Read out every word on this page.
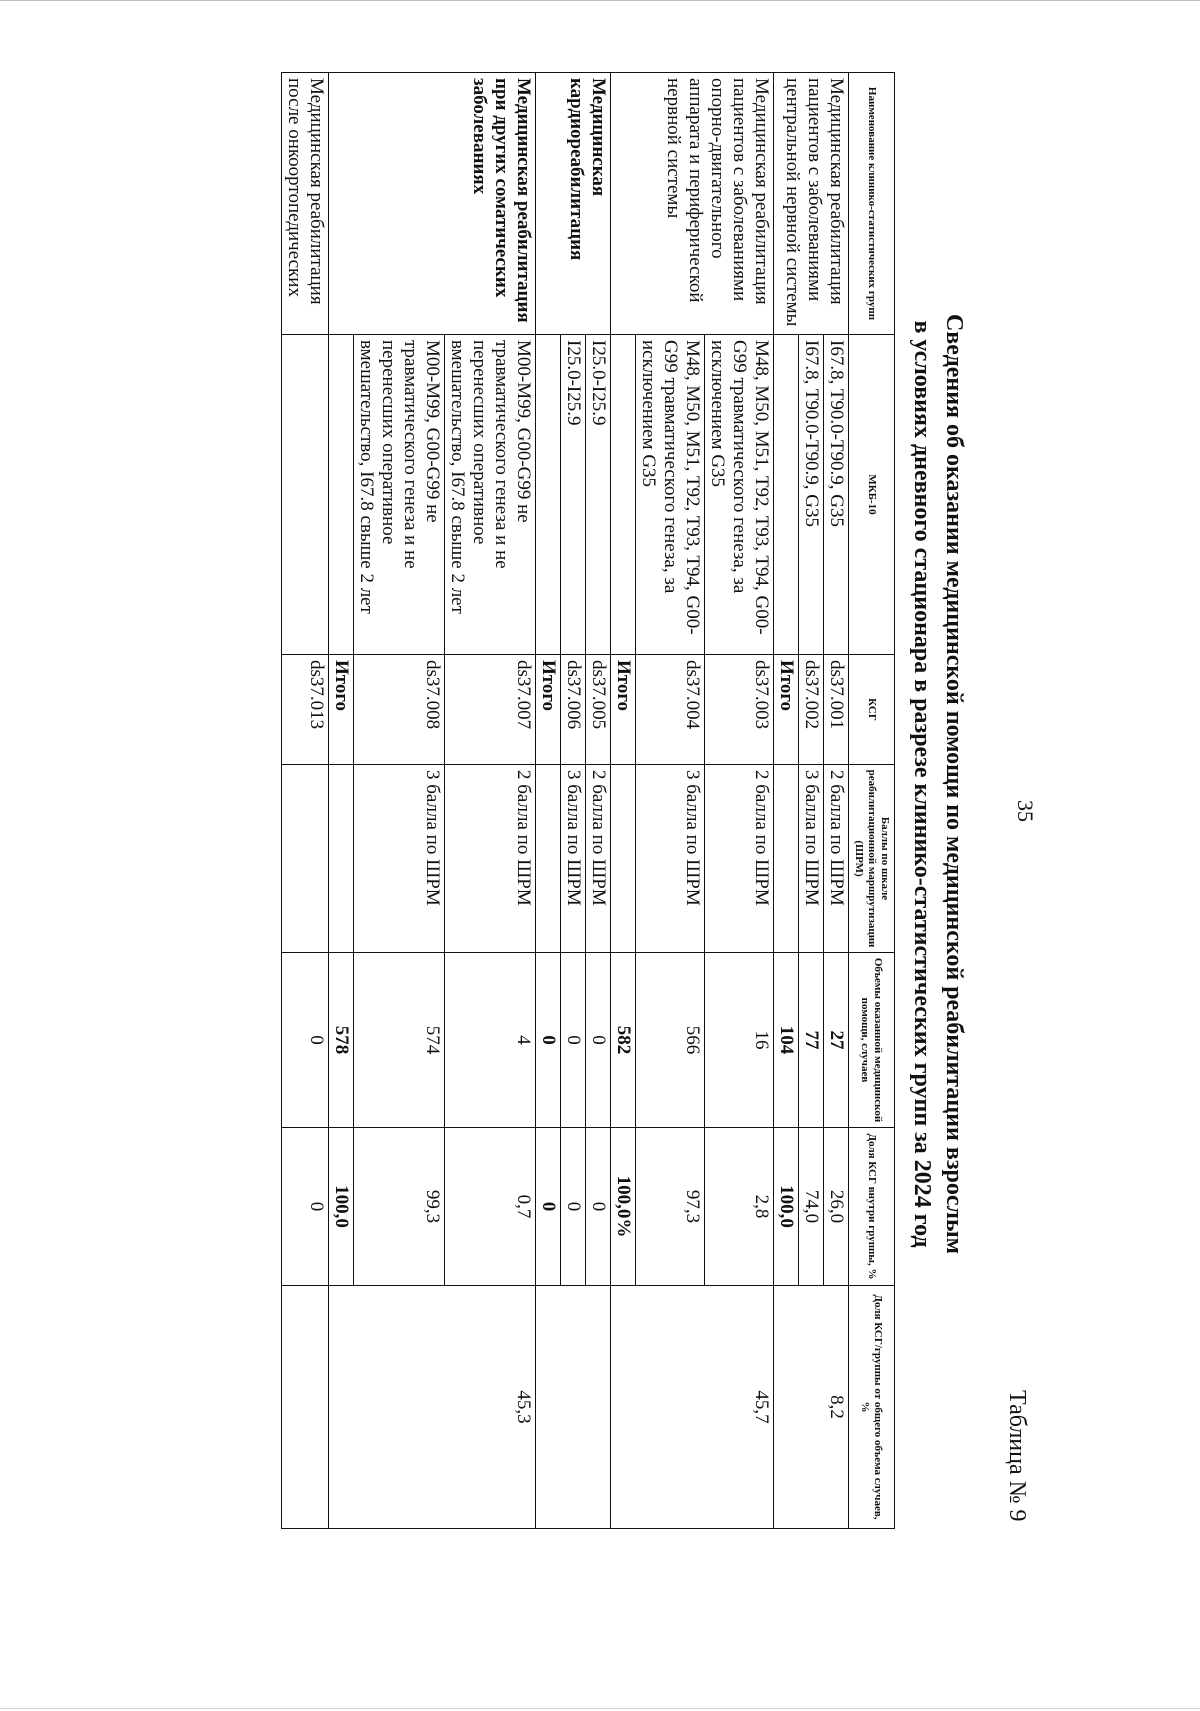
35
Таблица № 9
Сведения об оказании медицинской помощи по медицинской реабилитации взрослым
в условиях дневного стационара в разрезе клинико-статистических групп за 2024 год
Наименование клинико-статистических групп	МКБ-10	КСГ	Баллы по шкале реабилитационной маршрутизации (ШРМ)	Объемы оказанной медицинской помощи, случаев	Доля КСГ внутри группы, %	Доля КСГ/группы от общего объема случаев, %
Медицинская реабилитация пациентов с заболеваниями центральной нервной системы	I67.8, T90.0-T90.9, G35	ds37.001	2 балла по ШРМ	27	26,0	8,2
	I67.8, T90.0-T90.9, G35	ds37.002	3 балла по ШРМ	77	74,0	
		Итого		104	100,0	
Медицинская реабилитация пациентов с заболеваниями опорно-двигательного аппарата и периферической нервной системы	M48, M50, M51, T92, T93, T94, G00-G99 травматического генеза, за исключением G35	ds37.003	2 балла по ШРМ	16	2,8	45,7
	M48, M50, M51, T92, T93, T94, G00-G99 травматического генеза, за исключением G35	ds37.004	3 балла по ШРМ	566	97,3	
		Итого		582	100,0%	
Медицинская кардиореабилитация	I25.0-I25.9	ds37.005	2 балла по ШРМ	0	0	
	I25.0-I25.9	ds37.006	3 балла по ШРМ	0	0	
		Итого		0	0	
Медицинская реабилитация при других соматических заболеваниях	M00-M99, G00-G99 не травматического генеза и не перенесших оперативное вмешательство, I67.8 свыше 2 лет	ds37.007	2 балла по ШРМ	4	0,7	45,3
	M00-M99, G00-G99 не травматического генеза и не перенесших оперативное вмешательство, I67.8 свыше 2 лет	ds37.008	3 балла по ШРМ	574	99,3	
		Итого		578	100,0	
Медицинская реабилитация после онкоортопедических		ds37.013		0	0	
